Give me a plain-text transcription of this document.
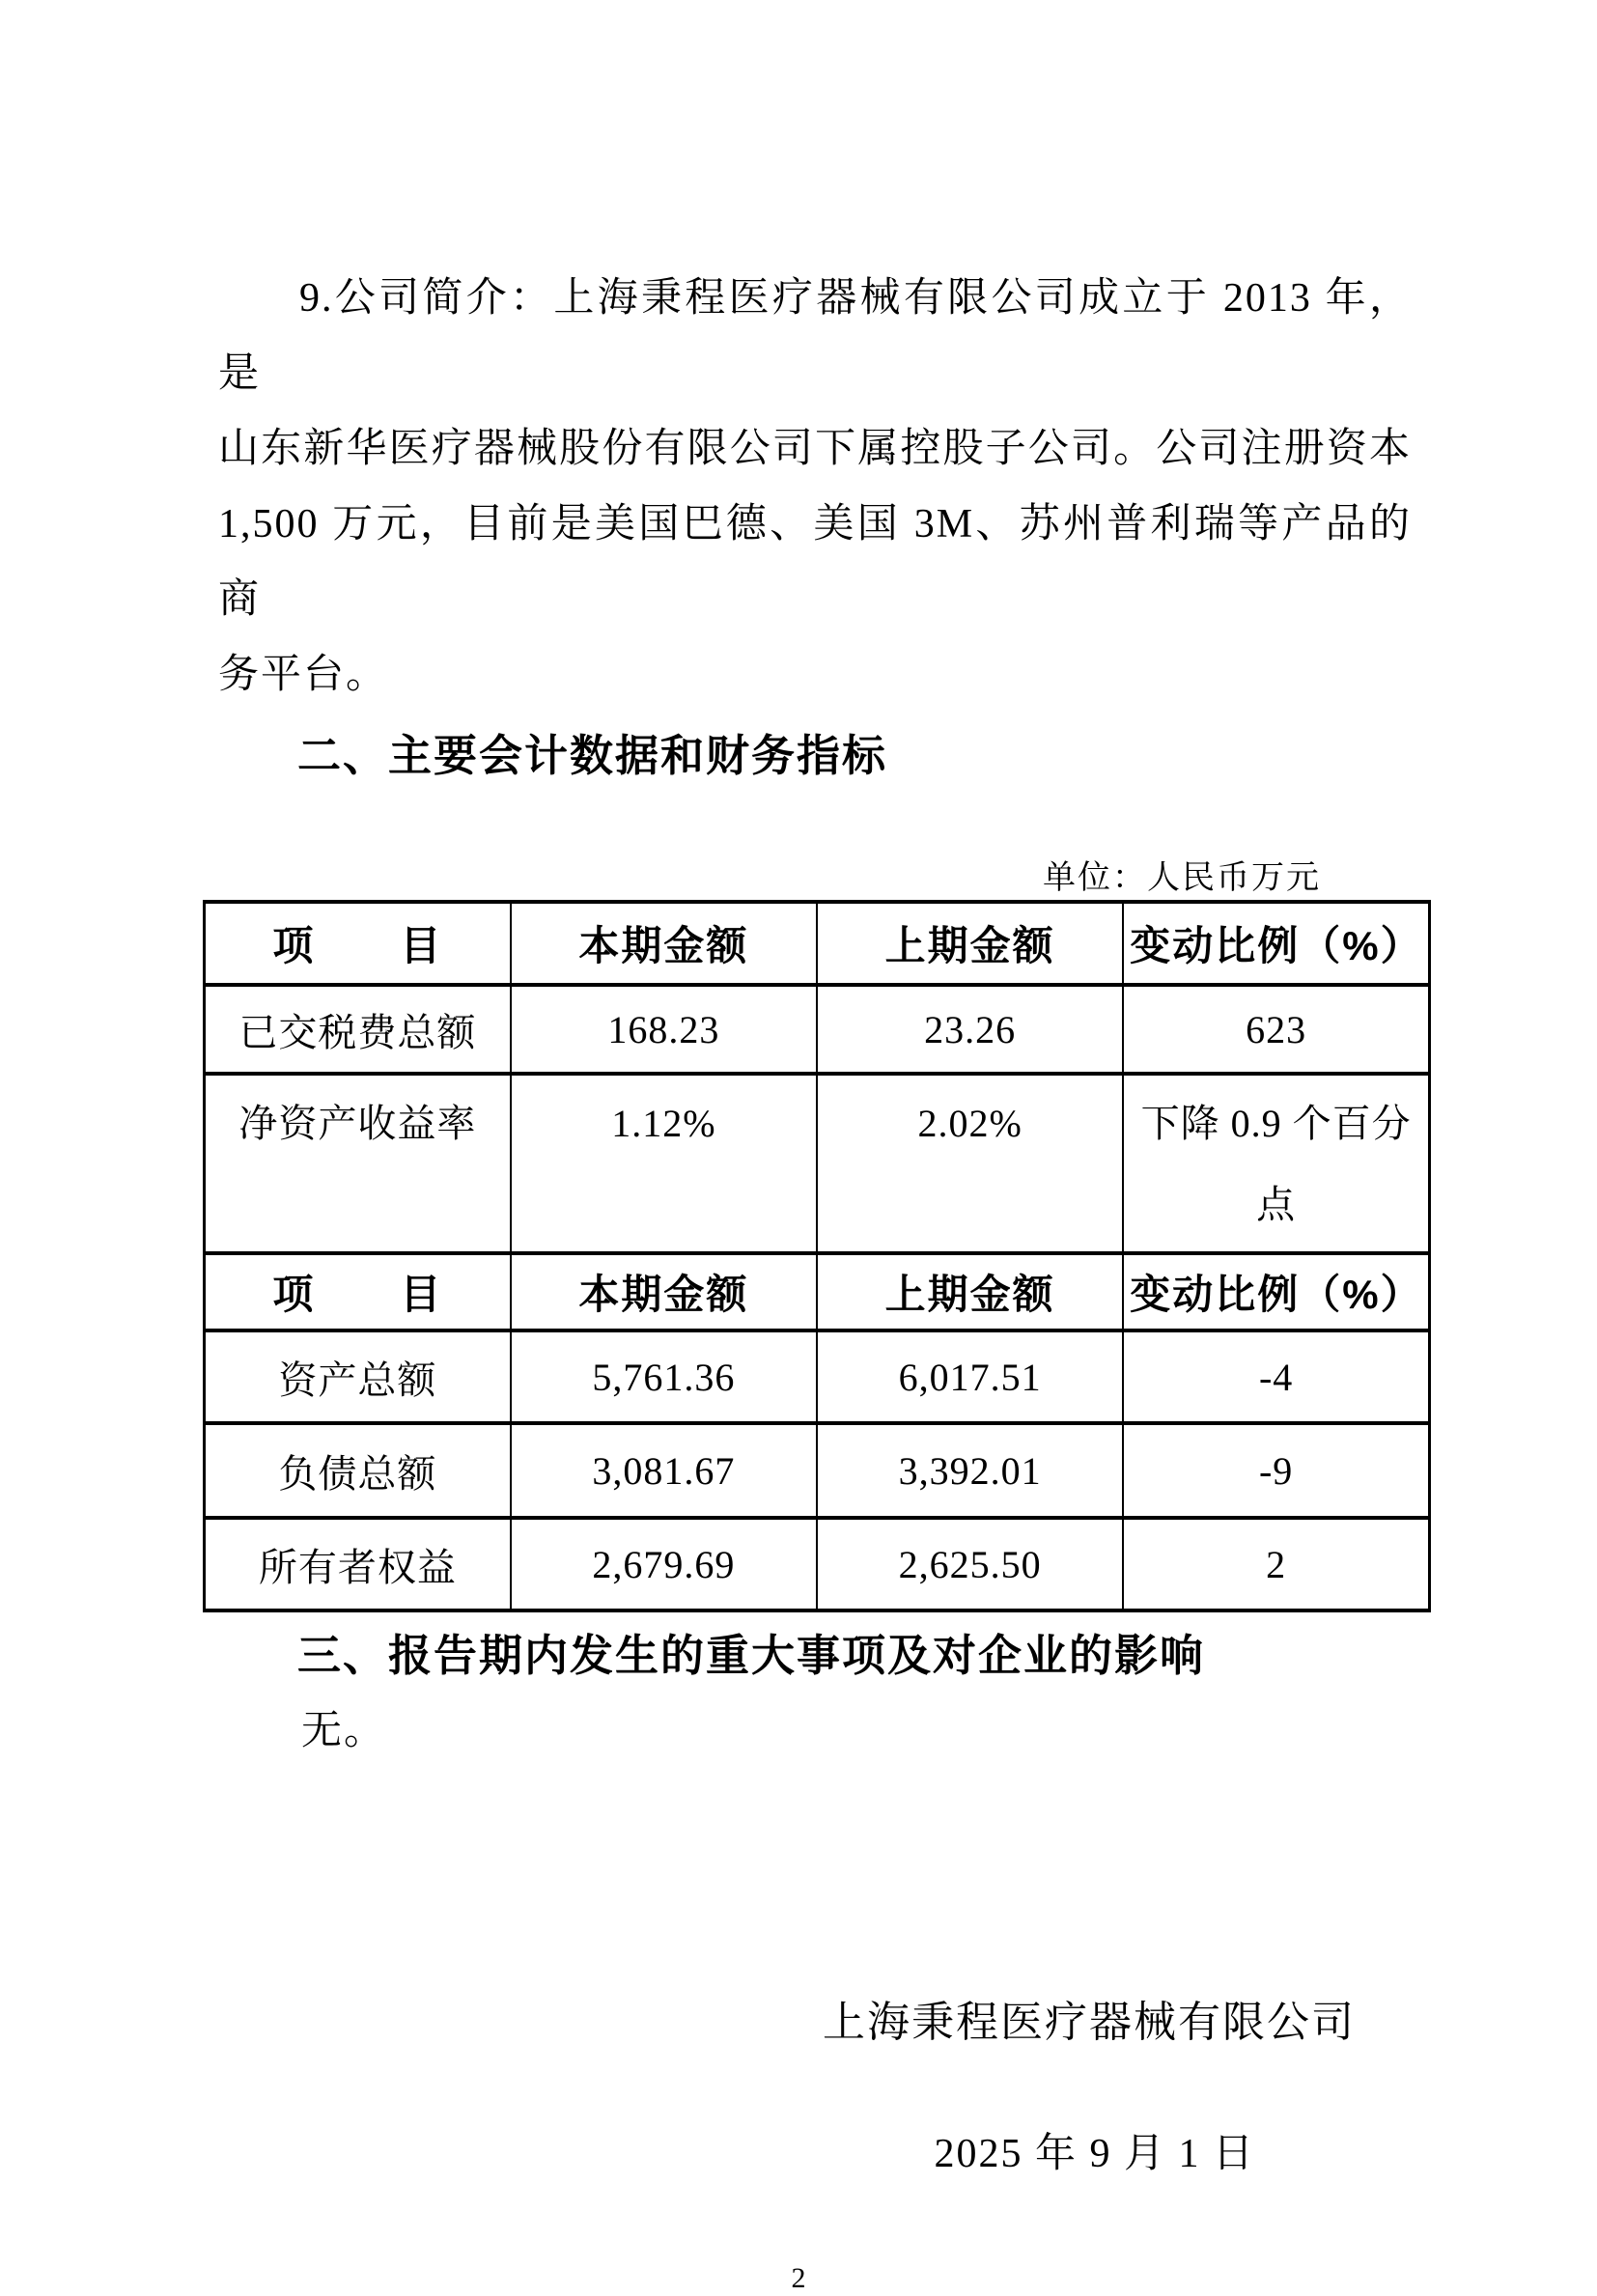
9.公司简介：上海秉程医疗器械有限公司成立于 2013 年，是
山东新华医疗器械股份有限公司下属控股子公司。公司注册资本
1,500 万元，目前是美国巴德、美国 3M、苏州普利瑞等产品的商
务平台。
二、主要会计数据和财务指标
单位：人民币万元
项　　目	本期金额	上期金额	变动比例（%）
已交税费总额	168.23	23.26	623
净资产收益率	1.12%	2.02%	下降 0.9 个百分点
项　　目	本期金额	上期金额	变动比例（%）
资产总额	5,761.36	6,017.51	-4
负债总额	3,081.67	3,392.01	-9
所有者权益	2,679.69	2,625.50	2
三、报告期内发生的重大事项及对企业的影响
无。
上海秉程医疗器械有限公司
2025 年 9 月 1 日
2
